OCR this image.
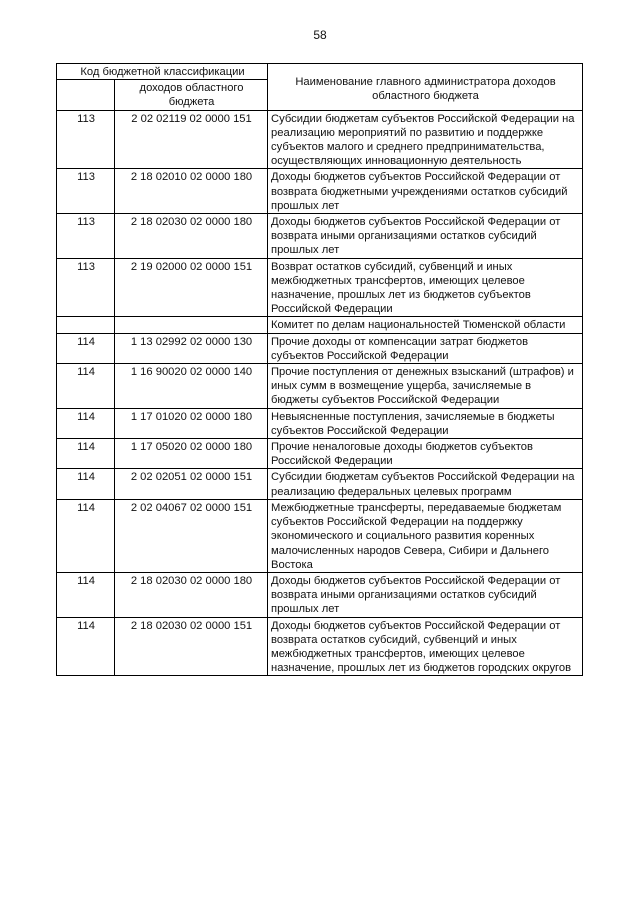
58
Код бюджетной классификации		Наименование главного администратора доходов областного бюджета
	доходов областного бюджета	
113	2 02 02119 02 0000 151	Субсидии бюджетам субъектов Российской Федерации на реализацию мероприятий по развитию и поддержке субъектов малого и среднего предпринимательства, осуществляющих инновационную деятельность
113	2 18 02010 02 0000 180	Доходы бюджетов субъектов Российской Федерации от возврата бюджетными учреждениями остатков субсидий прошлых лет
113	2 18 02030 02 0000 180	Доходы бюджетов субъектов Российской Федерации от возврата иными организациями остатков субсидий прошлых лет
113	2 19 02000 02 0000 151	Возврат остатков субсидий, субвенций и иных межбюджетных трансфертов, имеющих целевое назначение, прошлых лет из бюджетов субъектов Российской Федерации
		Комитет по делам национальностей Тюменской области
114	1 13 02992 02 0000 130	Прочие доходы от компенсации затрат бюджетов субъектов Российской Федерации
114	1 16 90020 02 0000 140	Прочие поступления от денежных взысканий (штрафов) и иных сумм в возмещение ущерба, зачисляемые в бюджеты субъектов Российской Федерации
114	1 17 01020 02 0000 180	Невыясненные поступления, зачисляемые в бюджеты субъектов Российской Федерации
114	1 17 05020 02 0000 180	Прочие неналоговые доходы бюджетов субъектов Российской Федерации
114	2 02 02051 02 0000 151	Субсидии бюджетам субъектов Российской Федерации на реализацию федеральных целевых программ
114	2 02 04067 02 0000 151	Межбюджетные трансферты, передаваемые бюджетам субъектов Российской Федерации на поддержку экономического и социального развития коренных малочисленных народов Севера, Сибири и Дальнего Востока
114	2 18 02030 02 0000 180	Доходы бюджетов субъектов Российской Федерации от возврата иными организациями остатков субсидий прошлых лет
114	2 18 02030 02 0000 151	Доходы бюджетов субъектов Российской Федерации от возврата остатков субсидий, субвенций и иных межбюджетных трансфертов, имеющих целевое назначение, прошлых лет из бюджетов городских округов
